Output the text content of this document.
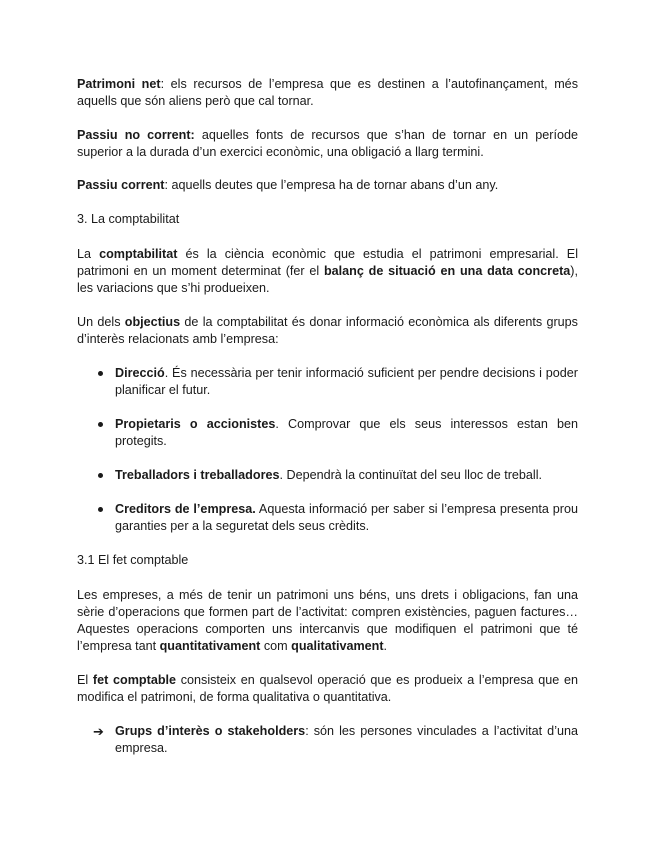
Patrimoni net: els recursos de l’empresa que es destinen a l’autofinançament, més aquells que són aliens però que cal tornar.

Passiu no corrent: aquelles fonts de recursos que s’han de tornar en un període superior a la durada d’un exercici econòmic, una obligació a llarg termini.

Passiu corrent: aquells deutes que l’empresa ha de tornar abans d’un any.

3. La comptabilitat

La comptabilitat és la ciència econòmic que estudia el patrimoni empresarial. El patrimoni en un moment determinat (fer el balanç de situació en una data concreta), les variacions que s’hi produeixen.

Un dels objectius de la comptabilitat és donar informació econòmica als diferents grups d’interès relacionats amb l’empresa:

Direcció. És necessària per tenir informació suficient per pendre decisions i poder planificar el futur.

Propietaris o accionistes. Comprovar que els seus interessos estan ben protegits.

Treballadors i treballadores. Dependrà la continuïtat del seu lloc de treball.

Creditors de l’empresa. Aquesta informació per saber si l’empresa presenta prou garanties per a la seguretat dels seus crèdits.

3.1 El fet comptable

Les empreses, a més de tenir un patrimoni uns béns, uns drets i obligacions, fan una sèrie d’operacions que formen part de l’activitat: compren existències, paguen factures… Aquestes operacions comporten uns intercanvis que modifiquen el patrimoni que té l’empresa tant quantitativament com qualitativament.

El fet comptable consisteix en qualsevol operació que es produeix a l’empresa que en modifica el patrimoni, de forma qualitativa o quantitativa.

➔ Grups d’interès o stakeholders: són les persones vinculades a l’activitat d’una empresa.
